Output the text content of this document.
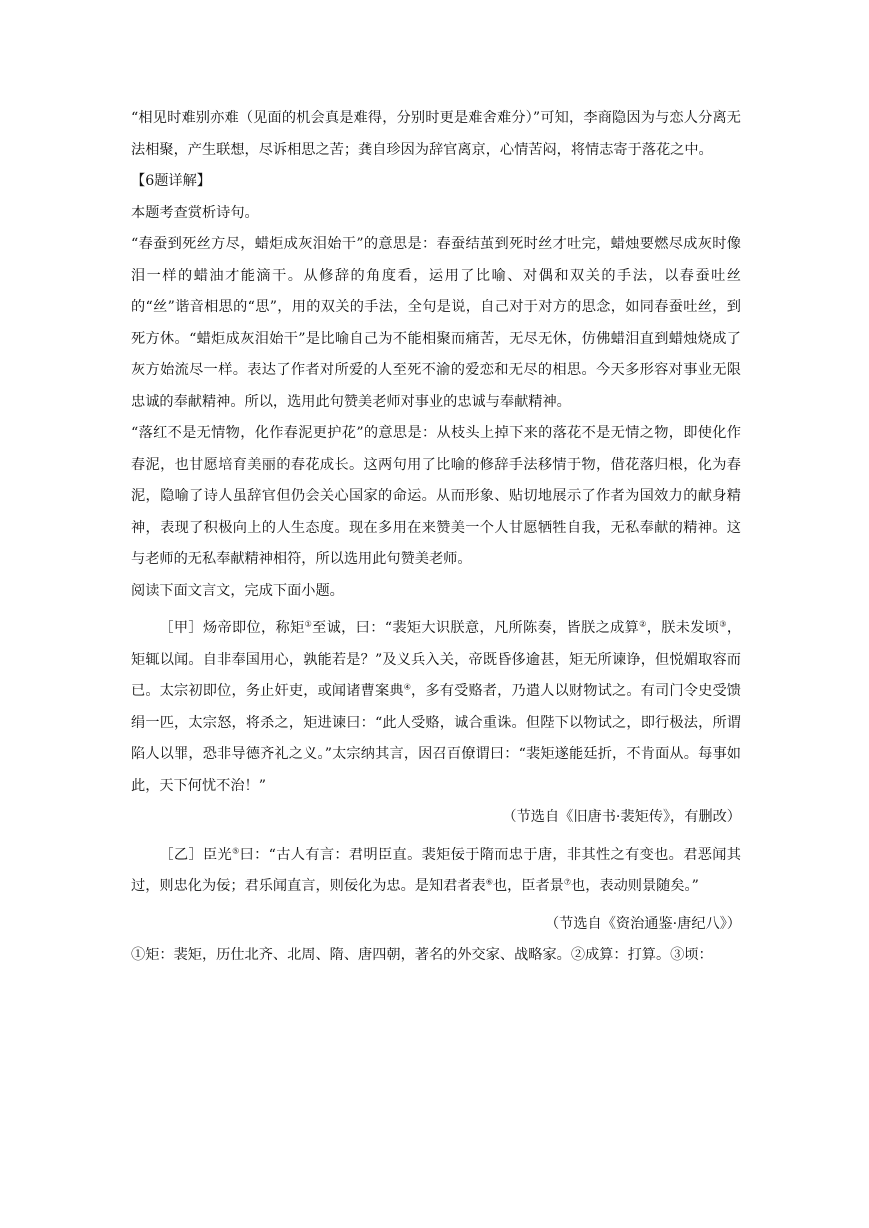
“相见时难别亦难（见面的机会真是难得，分别时更是难舍难分）”可知，李商隐因为与恋人分离无法相聚，产生联想，尽诉相思之苦；龚自珍因为辞官离京，心情苦闷，将情志寄于落花之中。

【6题详解】

本题考查赏析诗句。

“春蚕到死丝方尽，蜡炬成灰泪始干”的意思是：春蚕结茧到死时丝才吐完，蜡烛要燃尽成灰时像泪一样的蜡油才能滴干。从修辞的角度看，运用了比喻、对偶和双关的手法，以春蚕吐丝的“丝”谐音相思的“思”，用的双关的手法，全句是说，自己对于对方的思念，如同春蚕吐丝，到死方休。“蜡炬成灰泪始干”是比喻自己为不能相聚而痛苦，无尽无休，仿佛蜡泪直到蜡烛烧成了灰方始流尽一样。表达了作者对所爱的人至死不渝的爱恋和无尽的相思。今天多形容对事业无限忠诚的奉献精神。所以，选用此句赞美老师对事业的忠诚与奉献精神。

“落红不是无情物，化作春泥更护花”的意思是：从枝头上掉下来的落花不是无情之物，即使化作春泥，也甘愿培育美丽的春花成长。这两句用了比喻的修辞手法移情于物，借花落归根，化为春泥，隐喻了诗人虽辞官但仍会关心国家的命运。从而形象、贴切地展示了作者为国效力的献身精神，表现了积极向上的人生态度。现在多用在来赞美一个人甘愿牺牲自我，无私奉献的精神。这与老师的无私奉献精神相符，所以选用此句赞美老师。

阅读下面文言文，完成下面小题。

［甲］炀帝即位，称矩①至诚，曰：“裴矩大识朕意，凡所陈奏，皆朕之成算②，朕未发顷③，矩辄以闻。自非奉国用心，孰能若是？”及义兵入关，帝既昏侈逾甚，矩无所谏诤，但悦媚取容而已。太宗初即位，务止奸吏，或闻诸曹案典④，多有受赂者，乃遣人以财物试之。有司门令史受馈绢一匹，太宗怒，将杀之，矩进谏曰：“此人受赂，诚合重诛。但陛下以物试之，即行极法，所谓陷人以罪，恐非导德齐礼之义。”太宗纳其言，因召百僚谓曰：“裴矩遂能廷折，不肯面从。每事如此，天下何忧不治！”

（节选自《旧唐书·裴矩传》，有删改）

［乙］臣光⑤曰：“古人有言：君明臣直。裴矩佞于隋而忠于唐，非其性之有变也。君恶闻其过，则忠化为佞；君乐闻直言，则佞化为忠。是知君者表⑥也，臣者景⑦也，表动则景随矣。”

（节选自《资治通鉴·唐纪八》）

①矩：裴矩，历仕北齐、北周、隋、唐四朝，著名的外交家、战略家。②成算：打算。③顷：
